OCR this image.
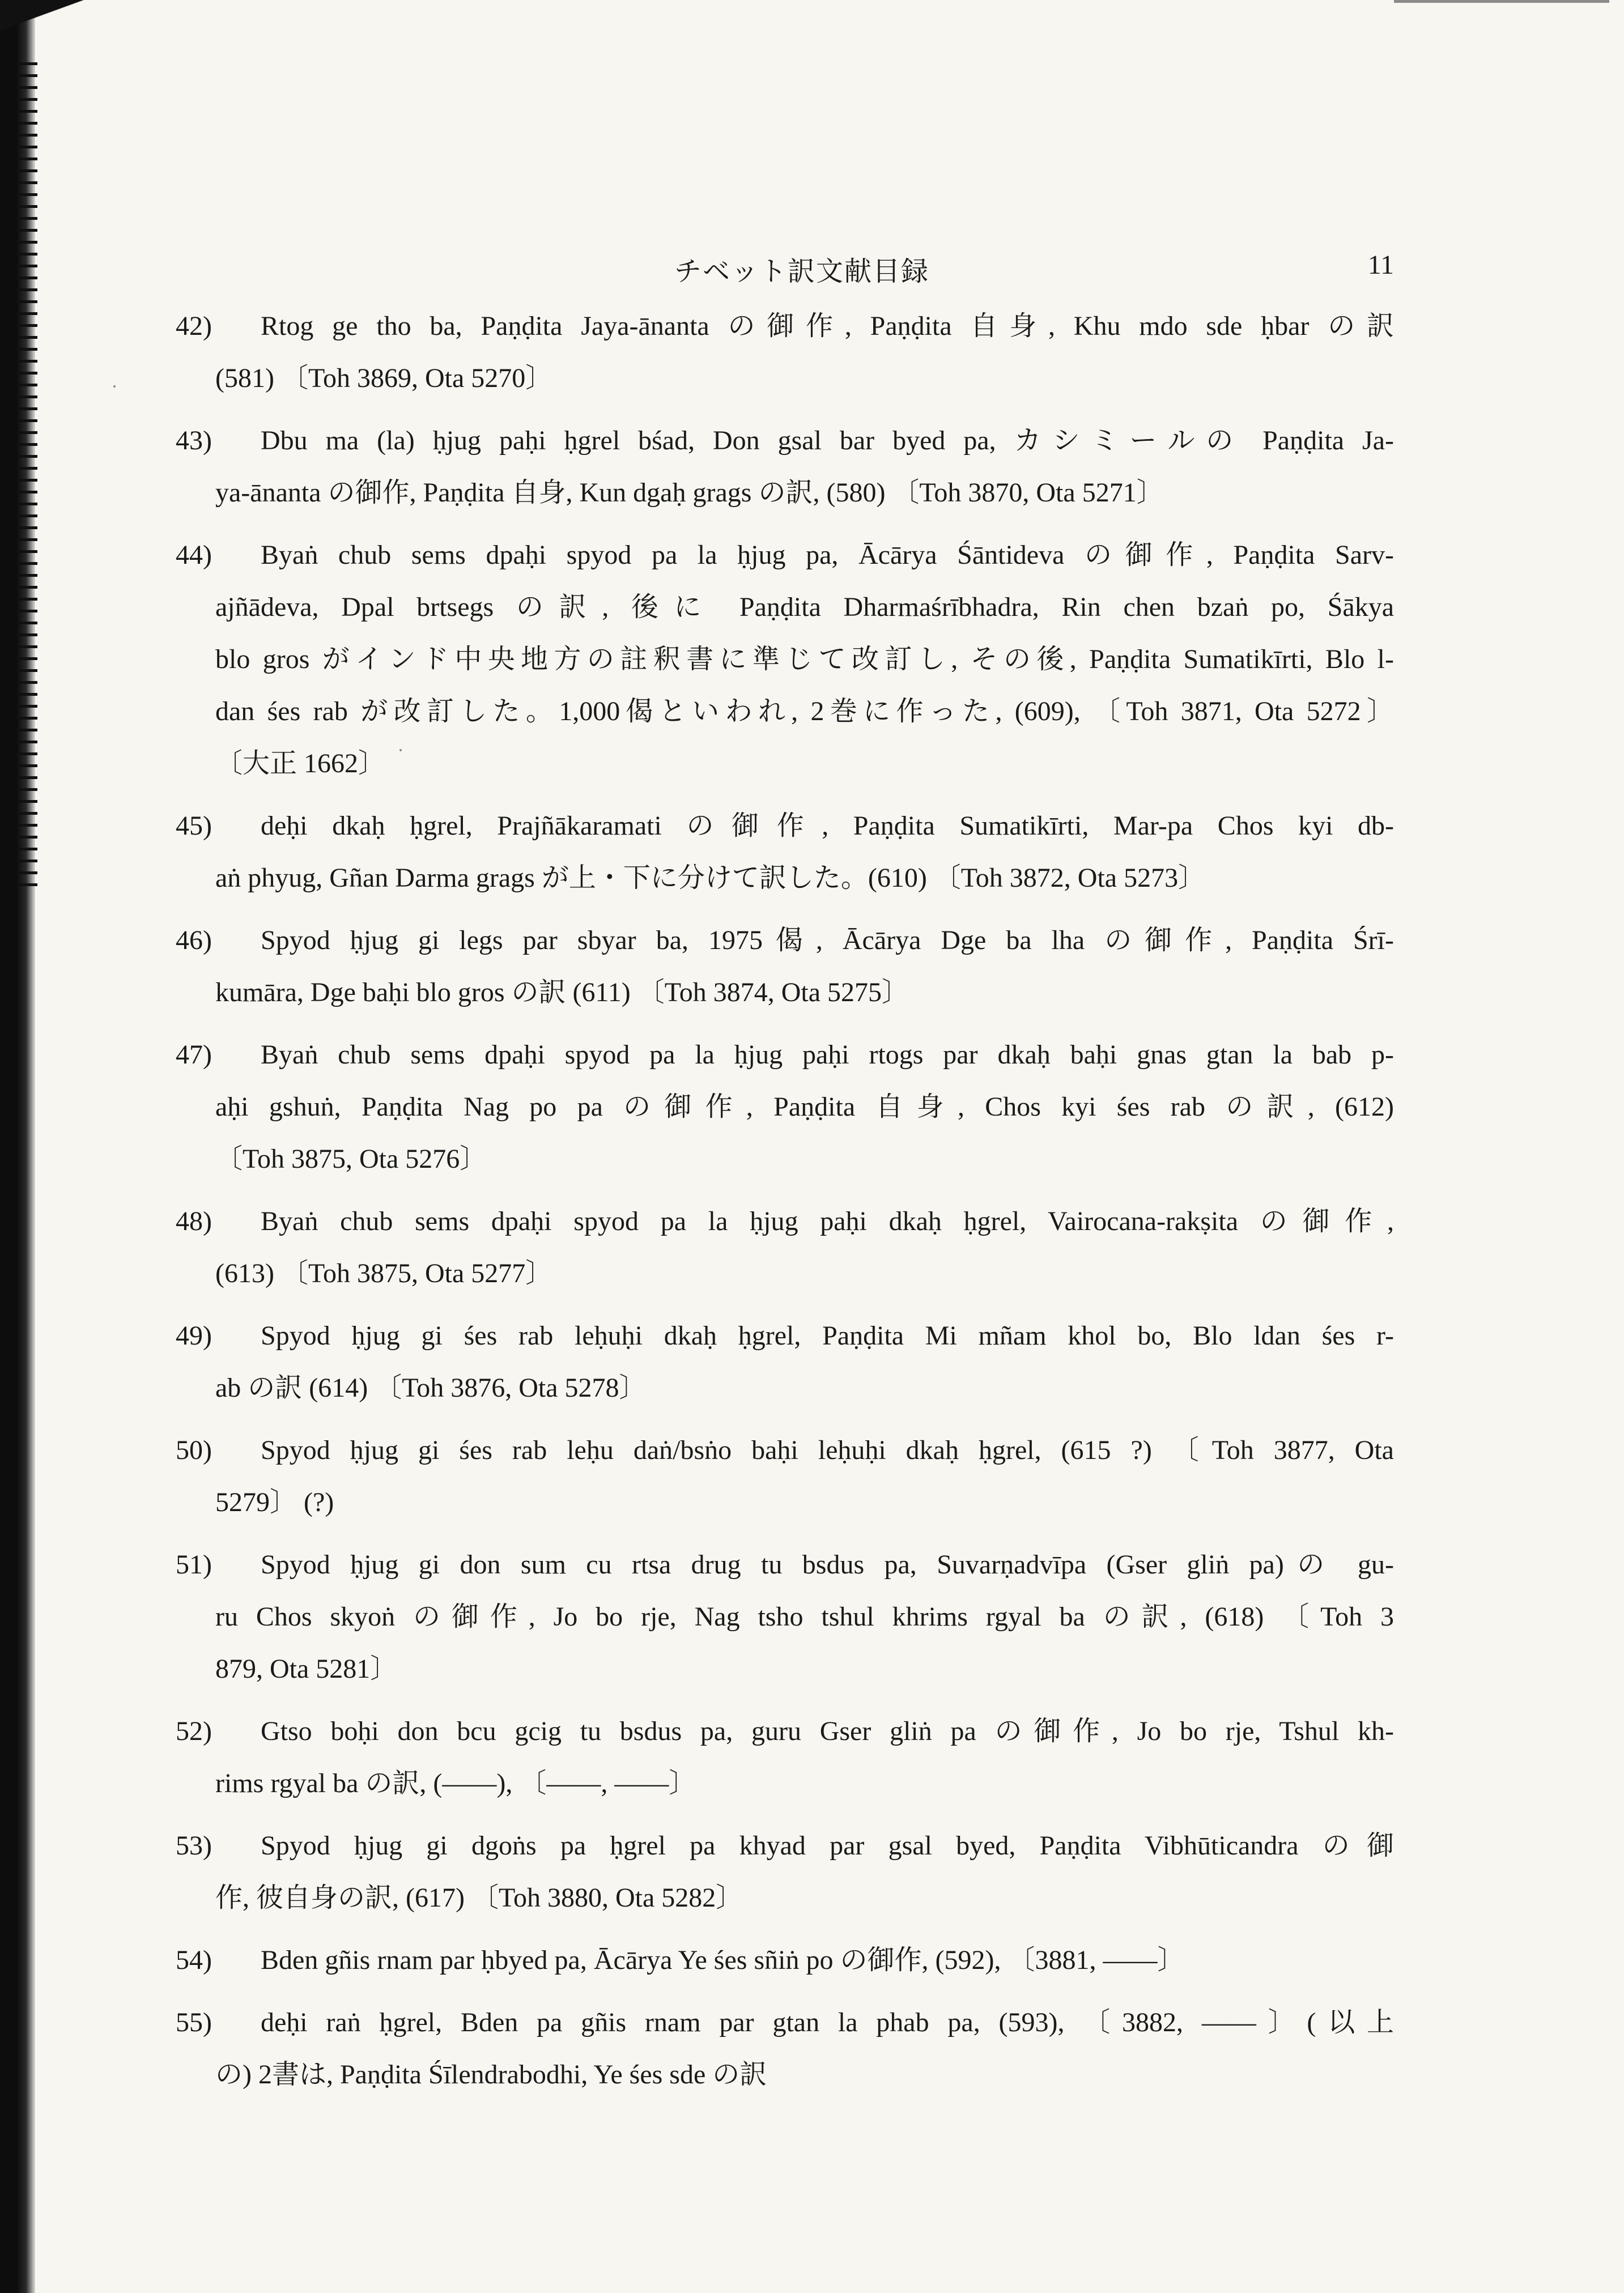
チベット訳文献目録	11
42) Rtog ge tho ba, Paṇḍita Jaya-ānanta の御作, Paṇḍita 自身, Khu mdo sde ḥbar の訳
(581) 〔Toh 3869, Ota 5270〕
43) Dbu ma (la) ḥjug paḥi ḥgrel bśad, Don gsal bar byed pa, カシミールの Paṇḍita Ja-
ya-ānanta の御作, Paṇḍita 自身, Kun dgaḥ grags の訳, (580) 〔Toh 3870, Ota 5271〕
44) Byaṅ chub sems dpaḥi spyod pa la ḥjug pa, Ācārya Śāntideva の御作, Paṇḍita Sarv-
ajñādeva, Dpal brtsegs の訳, 後に Paṇḍita Dharmaśrībhadra, Rin chen bzaṅ po, Śākya
blo gros がインド中央地方の註釈書に準じて改訂し, その後, Paṇḍita Sumatikīrti, Blo l-
dan śes rab が改訂した。1,000偈といわれ, 2巻に作った, (609), 〔Toh 3871, Ota 5272〕
〔大正 1662〕
45) deḥi dkaḥ ḥgrel, Prajñākaramati の御作, Paṇḍita Sumatikīrti, Mar-pa Chos kyi db-
aṅ phyug, Gñan Darma grags が上・下に分けて訳した。(610) 〔Toh 3872, Ota 5273〕
46) Spyod ḥjug gi legs par sbyar ba, 1975偈, Ācārya Dge ba lha の御作, Paṇḍita Śrī-
kumāra, Dge baḥi blo gros の訳 (611) 〔Toh 3874, Ota 5275〕
47) Byaṅ chub sems dpaḥi spyod pa la ḥjug paḥi rtogs par dkaḥ baḥi gnas gtan la bab p-
aḥi gshuṅ, Paṇḍita Nag po pa の御作, Paṇḍita 自身, Chos kyi śes rab の訳, (612)
〔Toh 3875, Ota 5276〕
48) Byaṅ chub sems dpaḥi spyod pa la ḥjug paḥi dkaḥ ḥgrel, Vairocana-rakṣita の御作,
(613) 〔Toh 3875, Ota 5277〕
49) Spyod ḥjug gi śes rab leḥuḥi dkaḥ ḥgrel, Paṇḍita Mi mñam khol bo, Blo ldan śes r-
ab の訳 (614) 〔Toh 3876, Ota 5278〕
50) Spyod ḥjug gi śes rab leḥu daṅ/bsṅo baḥi leḥuḥi dkaḥ ḥgrel, (615 ?) 〔Toh 3877, Ota
5279〕 (?)
51) Spyod ḥjug gi don sum cu rtsa drug tu bsdus pa, Suvarṇadvīpa (Gser gliṅ pa)の gu-
ru Chos skyoṅ の御作, Jo bo rje, Nag tsho tshul khrims rgyal ba の訳, (618) 〔Toh 3
879, Ota 5281〕
52) Gtso boḥi don bcu gcig tu bsdus pa, guru Gser gliṅ pa の御作, Jo bo rje, Tshul kh-
rims rgyal ba の訳, (——), 〔——, ——〕
53) Spyod ḥjug gi dgoṅs pa ḥgrel pa khyad par gsal byed, Paṇḍita Vibhūticandra の御
作, 彼自身の訳, (617) 〔Toh 3880, Ota 5282〕
54) Bden gñis rnam par ḥbyed pa, Ācārya Ye śes sñiṅ po の御作, (592), 〔3881, ——〕
55) deḥi raṅ ḥgrel, Bden pa gñis rnam par gtan la phab pa, (593), 〔3882, ——〕(以上
の) 2書は, Paṇḍita Śīlendrabodhi, Ye śes sde の訳
